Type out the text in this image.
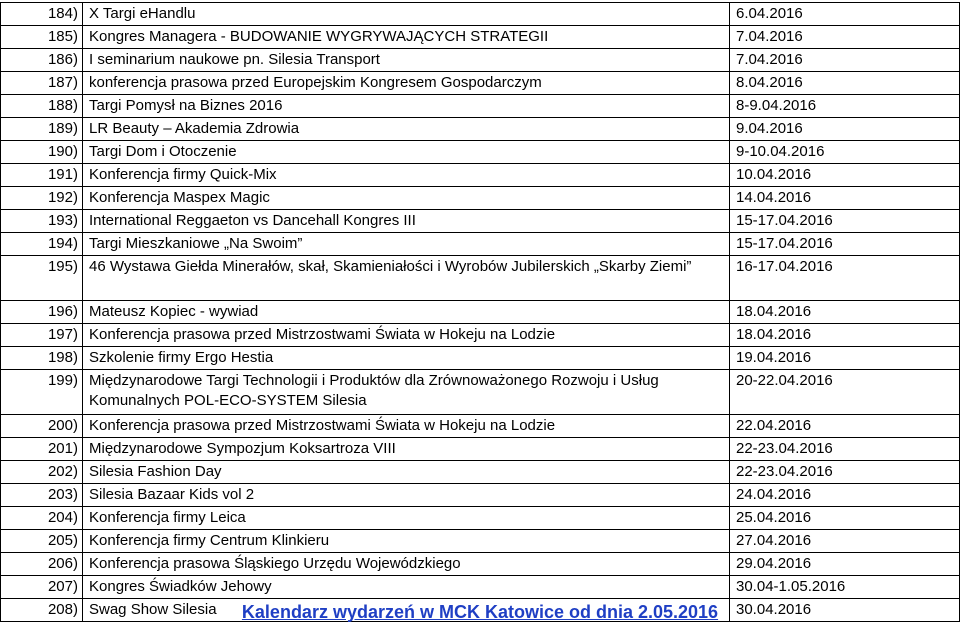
184)	X Targi eHandlu	6.04.2016
185)	Kongres Managera - BUDOWANIE WYGRYWAJĄCYCH STRATEGII	7.04.2016
186)	I seminarium naukowe pn. Silesia Transport	7.04.2016
187)	konferencja prasowa przed Europejskim Kongresem Gospodarczym	8.04.2016
188)	Targi Pomysł na Biznes 2016	8-9.04.2016
189)	LR Beauty – Akademia Zdrowia	9.04.2016
190)	Targi Dom i Otoczenie	9-10.04.2016
191)	Konferencja firmy Quick-Mix	10.04.2016
192)	Konferencja Maspex Magic	14.04.2016
193)	International Reggaeton vs Dancehall Kongres III	15-17.04.2016
194)	Targi Mieszkaniowe „Na Swoim”	15-17.04.2016
195)	46 Wystawa Giełda Minerałów, skał, Skamieniałości i Wyrobów Jubilerskich „Skarby Ziemi”	16-17.04.2016
196)	Mateusz Kopiec - wywiad	18.04.2016
197)	Konferencja prasowa przed Mistrzostwami Świata w Hokeju na Lodzie	18.04.2016
198)	Szkolenie firmy Ergo Hestia	19.04.2016
199)	Międzynarodowe Targi Technologii i Produktów dla Zrównoważonego Rozwoju i Usług Komunalnych POL-ECO-SYSTEM Silesia	20-22.04.2016
200)	Konferencja prasowa przed Mistrzostwami Świata w Hokeju na Lodzie	22.04.2016
201)	Międzynarodowe Sympozjum Koksartroza VIII	22-23.04.2016
202)	Silesia Fashion Day	22-23.04.2016
203)	Silesia Bazaar Kids vol 2	24.04.2016
204)	Konferencja firmy Leica	25.04.2016
205)	Konferencja firmy Centrum Klinkieru	27.04.2016
206)	Konferencja prasowa Śląskiego Urzędu Wojewódzkiego	29.04.2016
207)	Kongres Świadków Jehowy	30.04-1.05.2016
208)	Swag Show Silesia	30.04.2016
Kalendarz wydarzeń w MCK Katowice od dnia 2.05.2016
